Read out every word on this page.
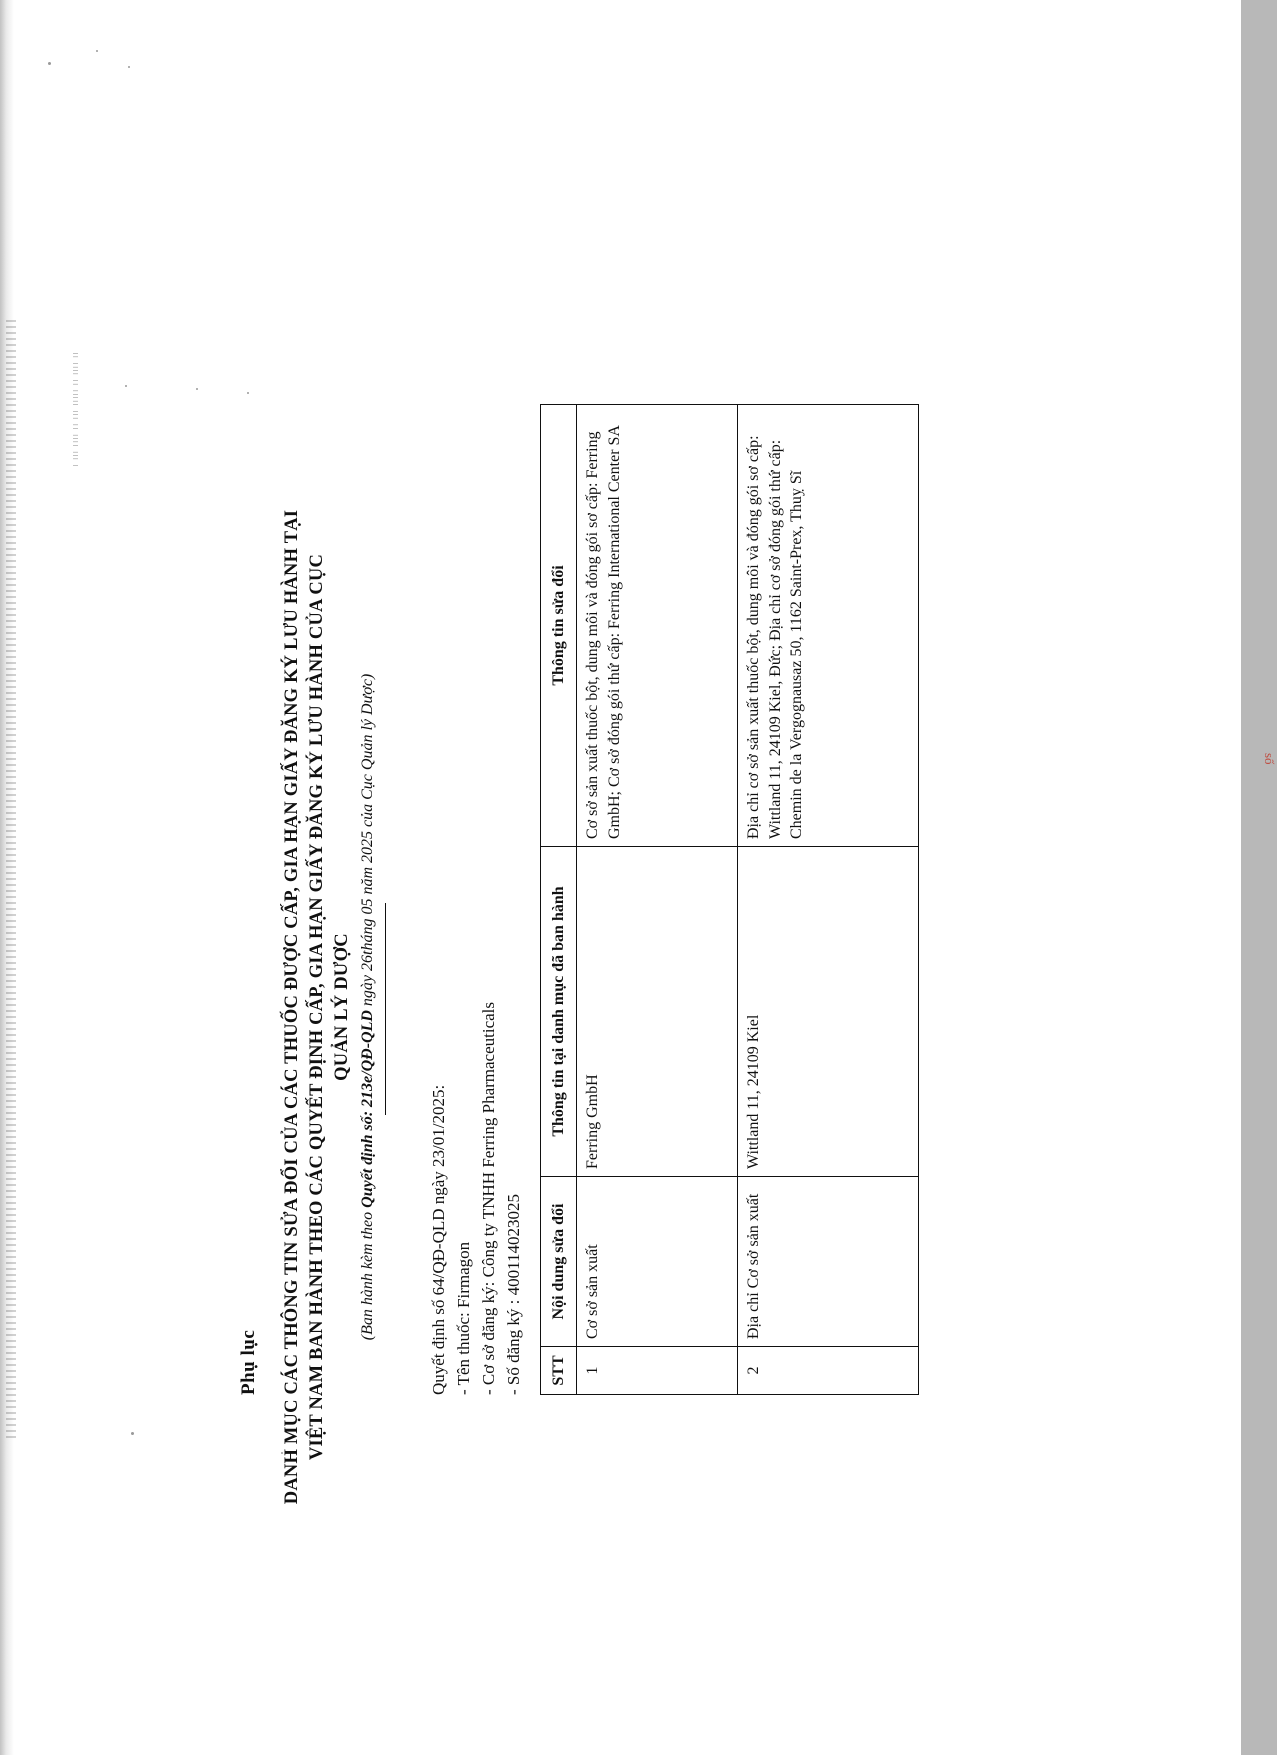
|| |||| || ||||| ||| || |||| ||| |
Phụ lục DANH MỤC CÁC THÔNG TIN SỬA ĐỔI CỦA CÁC THUỐC ĐƯỢC CẤP, GIA HẠN GIẤY ĐĂNG KÝ LƯU HÀNH TẠI VIỆT NAM BAN HÀNH THEO CÁC QUYẾT ĐỊNH CẤP, GIA HẠN GIẤY ĐĂNG KÝ LƯU HÀNH CỦA CỤC QUẢN LÝ DƯỢC
(Ban hành kèm theo Quyết định số: 213e/QĐ-QLD ngày 26tháng 05 năm 2025 của Cục Quản lý Dược)
Quyết định số 64/QĐ-QLD ngày 23/01/2025: - Tên thuốc: Firmagon - Cơ sở đăng ký: Công ty TNHH Ferring Pharmaceuticals - Số đăng ký : 400114023025 STT	Nội dung sửa đổi	Thông tin tại danh mục đã ban hành	Thông tin sửa đổi
1	Cơ sở sản xuất	Ferring GmbH	Cơ sở sản xuất thuốc bột, dung môi và đóng gói sơ cấp: Ferring GmbH; Cơ sở đóng gói thứ cấp: Ferring International Center SA
2	Địa chỉ Cơ sở sản xuất	Wittland 11, 24109 Kiel	Địa chỉ cơ sở sản xuất thuốc bột, dung môi và đóng gói sơ cấp: Wittland 11, 24109 Kiel, Đức; Địa chỉ cơ sở đóng gói thứ cấp: Chemin de la Vergognausaz 50, 1162 Saint-Prex, Thuỵ Sĩ	số
